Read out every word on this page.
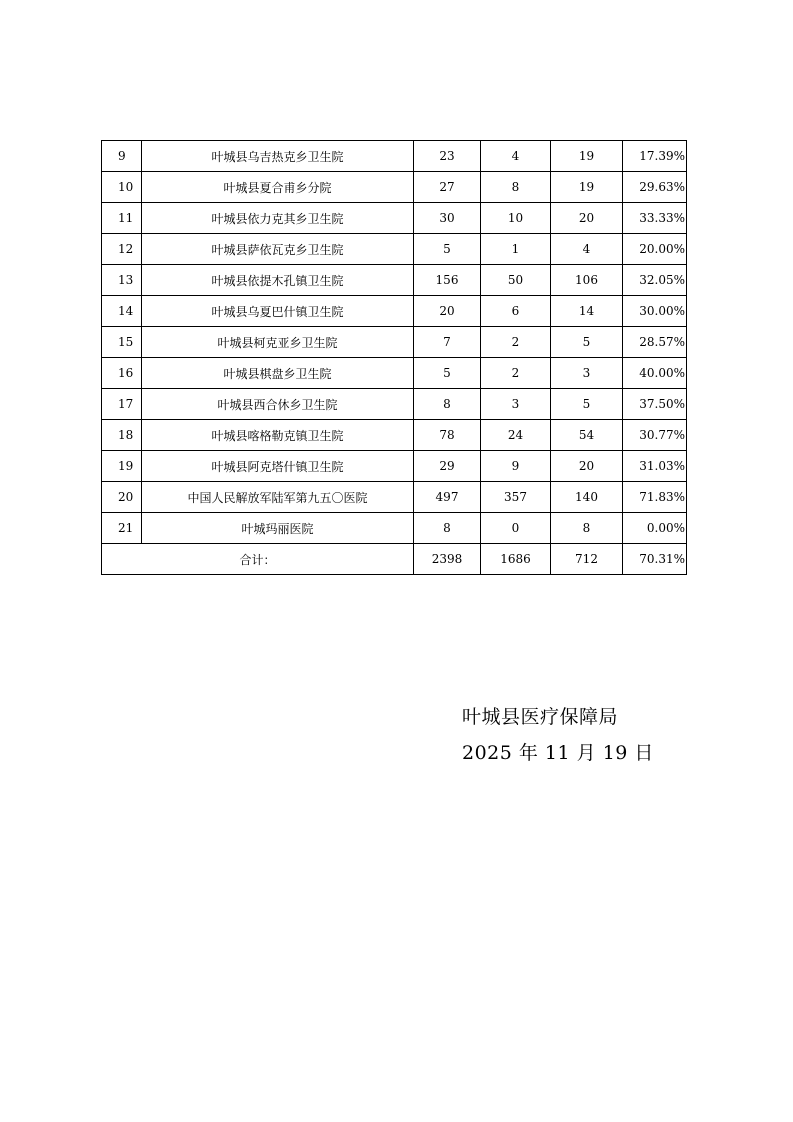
9	叶城县乌吉热克乡卫生院	23	4	19	17.39%
10	叶城县夏合甫乡分院	27	8	19	29.63%
11	叶城县依力克其乡卫生院	30	10	20	33.33%
12	叶城县萨依瓦克乡卫生院	5	1	4	20.00%
13	叶城县依提木孔镇卫生院	156	50	106	32.05%
14	叶城县乌夏巴什镇卫生院	20	6	14	30.00%
15	叶城县柯克亚乡卫生院	7	2	5	28.57%
16	叶城县棋盘乡卫生院	5	2	3	40.00%
17	叶城县西合休乡卫生院	8	3	5	37.50%
18	叶城县喀格勒克镇卫生院	78	24	54	30.77%
19	叶城县阿克塔什镇卫生院	29	9	20	31.03%
20	中国人民解放军陆军第九五〇医院	497	357	140	71.83%
21	叶城玛丽医院	8	0	8	0.00%
合计：		2398	1686	712	70.31%
叶城县医疗保障局
2025 年 11 月 19 日
